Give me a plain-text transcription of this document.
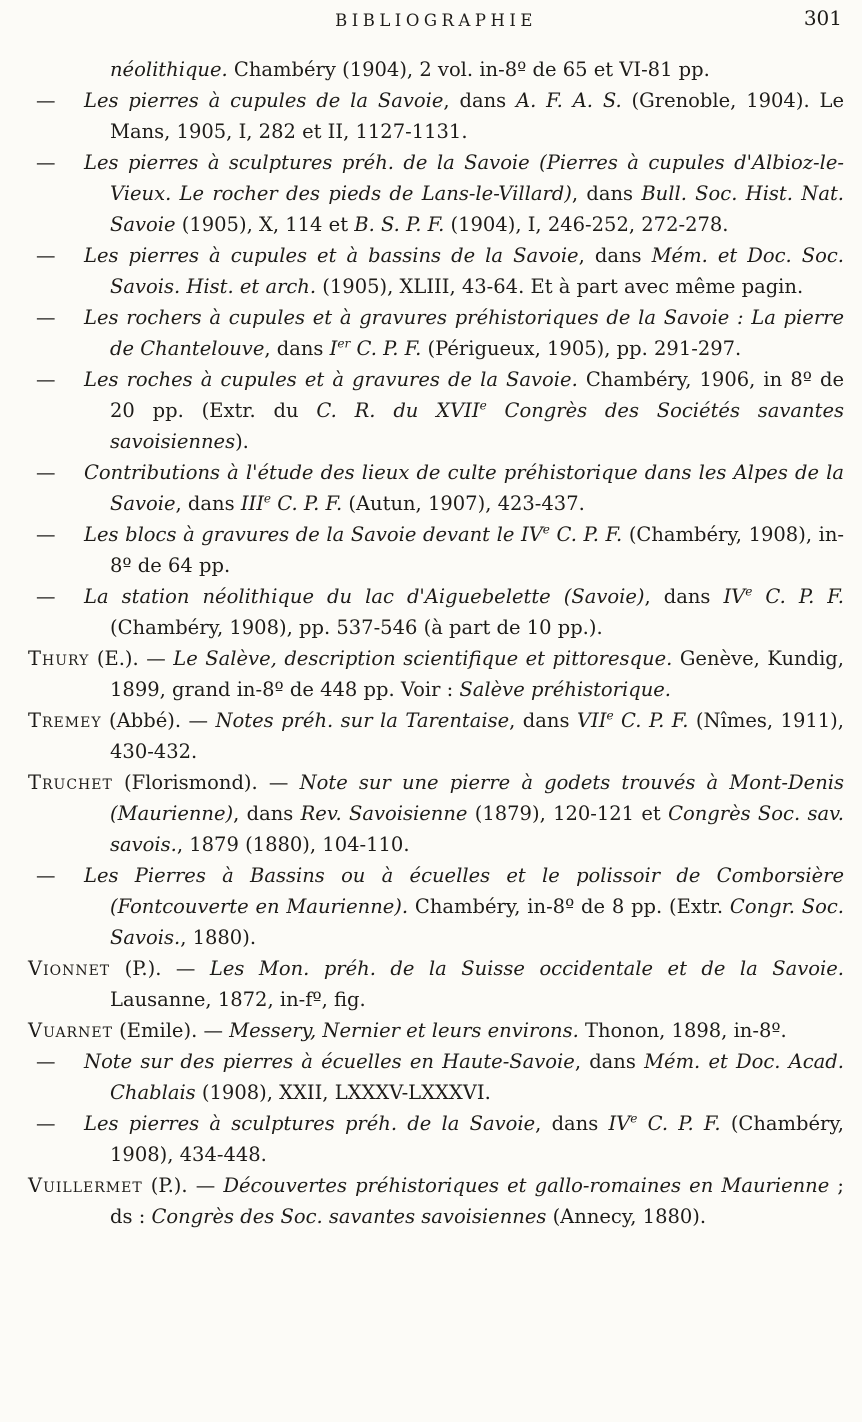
BIBLIOGRAPHIE	301

néolithique. Chambéry (1904), 2 vol. in-8º de 65 et VI-81 pp.

— Les pierres à cupules de la Savoie, dans A. F. A. S. (Grenoble, 1904). Le Mans, 1905, I, 282 et II, 1127-1131.

— Les pierres à sculptures préh. de la Savoie (Pierres à cupules d'Albioz-le-Vieux. Le rocher des pieds de Lans-le-Villard), dans Bull. Soc. Hist. Nat. Savoie (1905), X, 114 et B. S. P. F. (1904), I, 246-252, 272-278.

— Les pierres à cupules et à bassins de la Savoie, dans Mém. et Doc. Soc. Savois. Hist. et arch. (1905), XLIII, 43-64. Et à part avec même pagin.

— Les rochers à cupules et à gravures préhistoriques de la Savoie : La pierre de Chantelouve, dans Ier C. P. F. (Périgueux, 1905), pp. 291-297.

— Les roches à cupules et à gravures de la Savoie. Chambéry, 1906, in 8º de 20 pp. (Extr. du C. R. du XVIIe Congrès des Sociétés savantes savoisiennes).

— Contributions à l'étude des lieux de culte préhistorique dans les Alpes de la Savoie, dans IIIe C. P. F. (Autun, 1907), 423-437.

— Les blocs à gravures de la Savoie devant le IVe C. P. F. (Chambéry, 1908), in-8º de 64 pp.

— La station néolithique du lac d'Aiguebelette (Savoie), dans IVe C. P. F. (Chambéry, 1908), pp. 537-546 (à part de 10 pp.).

Thury (E.). — Le Salève, description scientifique et pittoresque. Genève, Kundig, 1899, grand in-8º de 448 pp. Voir : Salève préhistorique.

Tremey (Abbé). — Notes préh. sur la Tarentaise, dans VIIe C. P. F. (Nîmes, 1911), 430-432.

Truchet (Florismond). — Note sur une pierre à godets trouvés à Mont-Denis (Maurienne), dans Rev. Savoisienne (1879), 120-121 et Congrès Soc. sav. savois., 1879 (1880), 104-110.

— Les Pierres à Bassins ou à écuelles et le polissoir de Comborsière (Fontcouverte en Maurienne). Chambéry, in-8º de 8 pp. (Extr. Congr. Soc. Savois., 1880).

Vionnet (P.). — Les Mon. préh. de la Suisse occidentale et de la Savoie. Lausanne, 1872, in-fº, fig.

Vuarnet (Emile). — Messery, Nernier et leurs environs. Thonon, 1898, in-8º.

— Note sur des pierres à écuelles en Haute-Savoie, dans Mém. et Doc. Acad. Chablais (1908), XXII, LXXXV-LXXXVI.

— Les pierres à sculptures préh. de la Savoie, dans IVe C. P. F. (Chambéry, 1908), 434-448.

Vuillermet (P.). — Découvertes préhistoriques et gallo-romaines en Maurienne ; ds : Congrès des Soc. savantes savoisiennes (Annecy, 1880).
